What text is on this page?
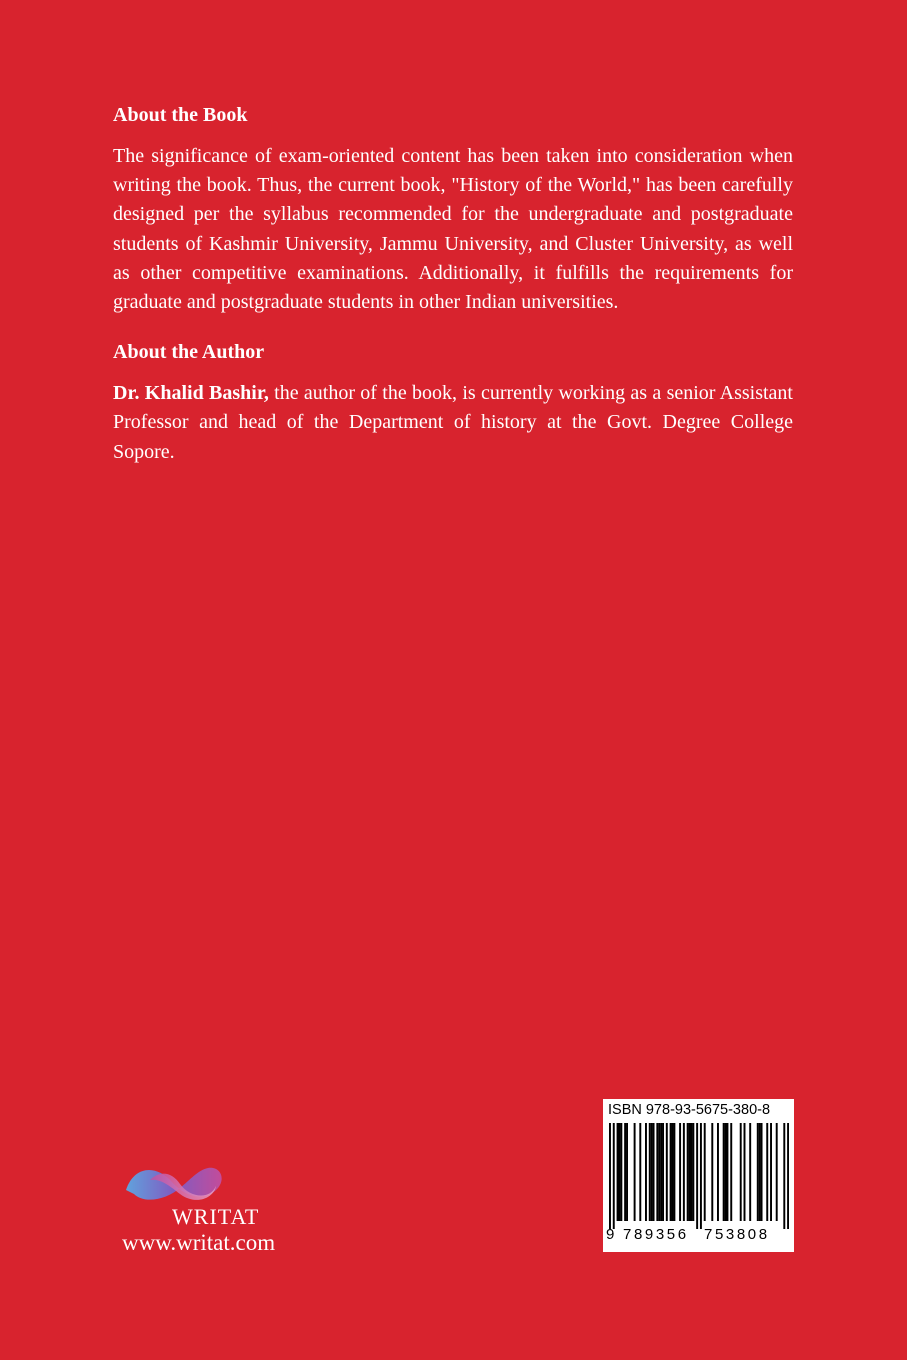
About the Book

The significance of exam-oriented content has been taken into consideration when writing the book. Thus, the current book, "History of the World," has been carefully designed per the syllabus recommended for the undergraduate and postgraduate students of Kashmir University, Jammu University, and Cluster University, as well as other competitive examinations. Additionally, it fulfills the requirements for graduate and postgraduate students in other Indian universities.

About the Author

Dr. Khalid Bashir, the author of the book, is currently working as a senior Assistant Professor and head of the Department of history at the Govt. Degree College Sopore.

WRITAT
www.writat.com
ISBN 978-93-5675-380-8
9 789356 753808
